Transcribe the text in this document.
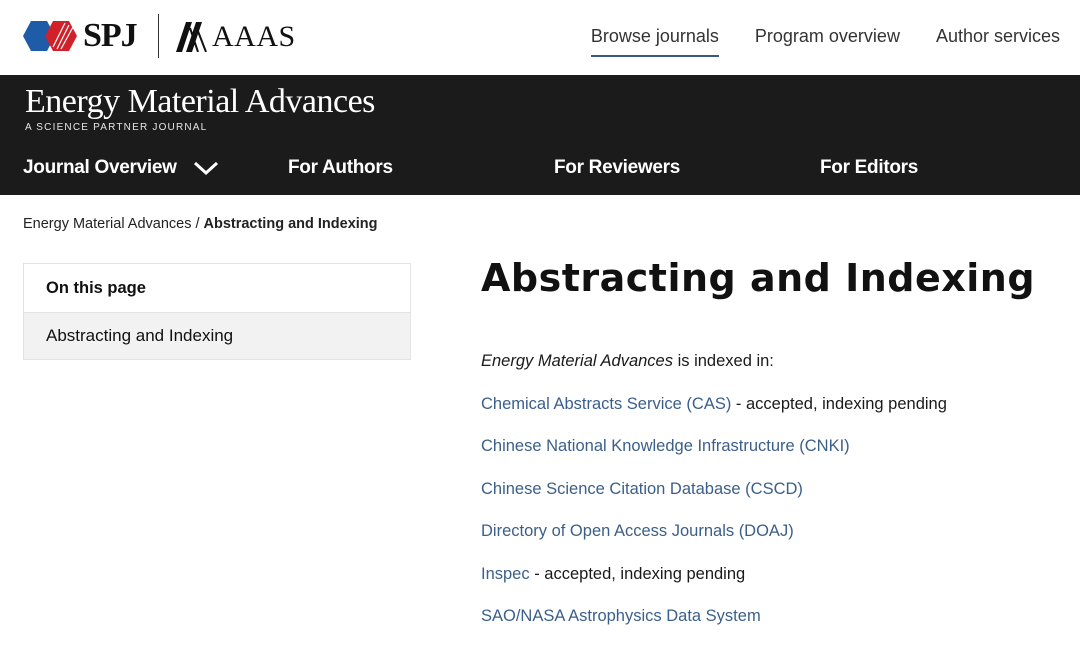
SPJ	AAAS	Browse journals Program overview Author services
Energy Material Advances
A SCIENCE PARTNER JOURNAL
Journal Overview	For Authors	For Reviewers	For Editors
Energy Material Advances / Abstracting and Indexing
On this page
Abstracting and Indexing
Abstracting and Indexing

Energy Material Advances is indexed in:

Chemical Abstracts Service (CAS) - accepted, indexing pending

Chinese National Knowledge Infrastructure (CNKI)

Chinese Science Citation Database (CSCD)

Directory of Open Access Journals (DOAJ)

Inspec - accepted, indexing pending

SAO/NASA Astrophysics Data System
